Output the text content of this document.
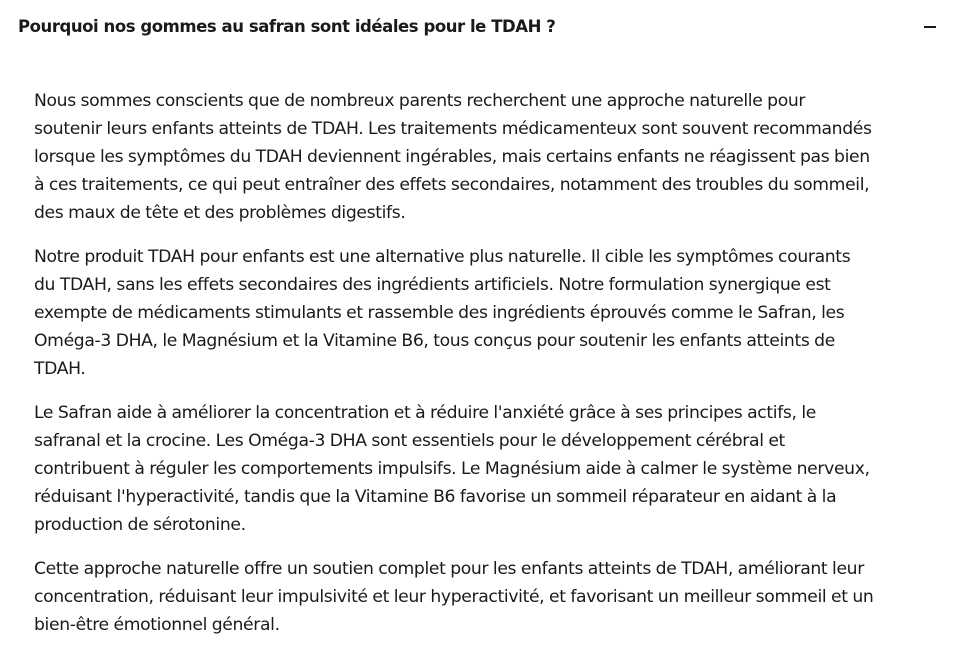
Pourquoi nos gommes au safran sont idéales pour le TDAH ?

Nous sommes conscients que de nombreux parents recherchent une approche naturelle pour
soutenir leurs enfants atteints de TDAH. Les traitements médicamenteux sont souvent recommandés
lorsque les symptômes du TDAH deviennent ingérables, mais certains enfants ne réagissent pas bien
à ces traitements, ce qui peut entraîner des effets secondaires, notamment des troubles du sommeil,
des maux de tête et des problèmes digestifs.

Notre produit TDAH pour enfants est une alternative plus naturelle. Il cible les symptômes courants
du TDAH, sans les effets secondaires des ingrédients artificiels. Notre formulation synergique est
exempte de médicaments stimulants et rassemble des ingrédients éprouvés comme le Safran, les
Oméga-3 DHA, le Magnésium et la Vitamine B6, tous conçus pour soutenir les enfants atteints de
TDAH.

Le Safran aide à améliorer la concentration et à réduire l'anxiété grâce à ses principes actifs, le
safranal et la crocine. Les Oméga-3 DHA sont essentiels pour le développement cérébral et
contribuent à réguler les comportements impulsifs. Le Magnésium aide à calmer le système nerveux,
réduisant l'hyperactivité, tandis que la Vitamine B6 favorise un sommeil réparateur en aidant à la
production de sérotonine.

Cette approche naturelle offre un soutien complet pour les enfants atteints de TDAH, améliorant leur
concentration, réduisant leur impulsivité et leur hyperactivité, et favorisant un meilleur sommeil et un
bien-être émotionnel général.
